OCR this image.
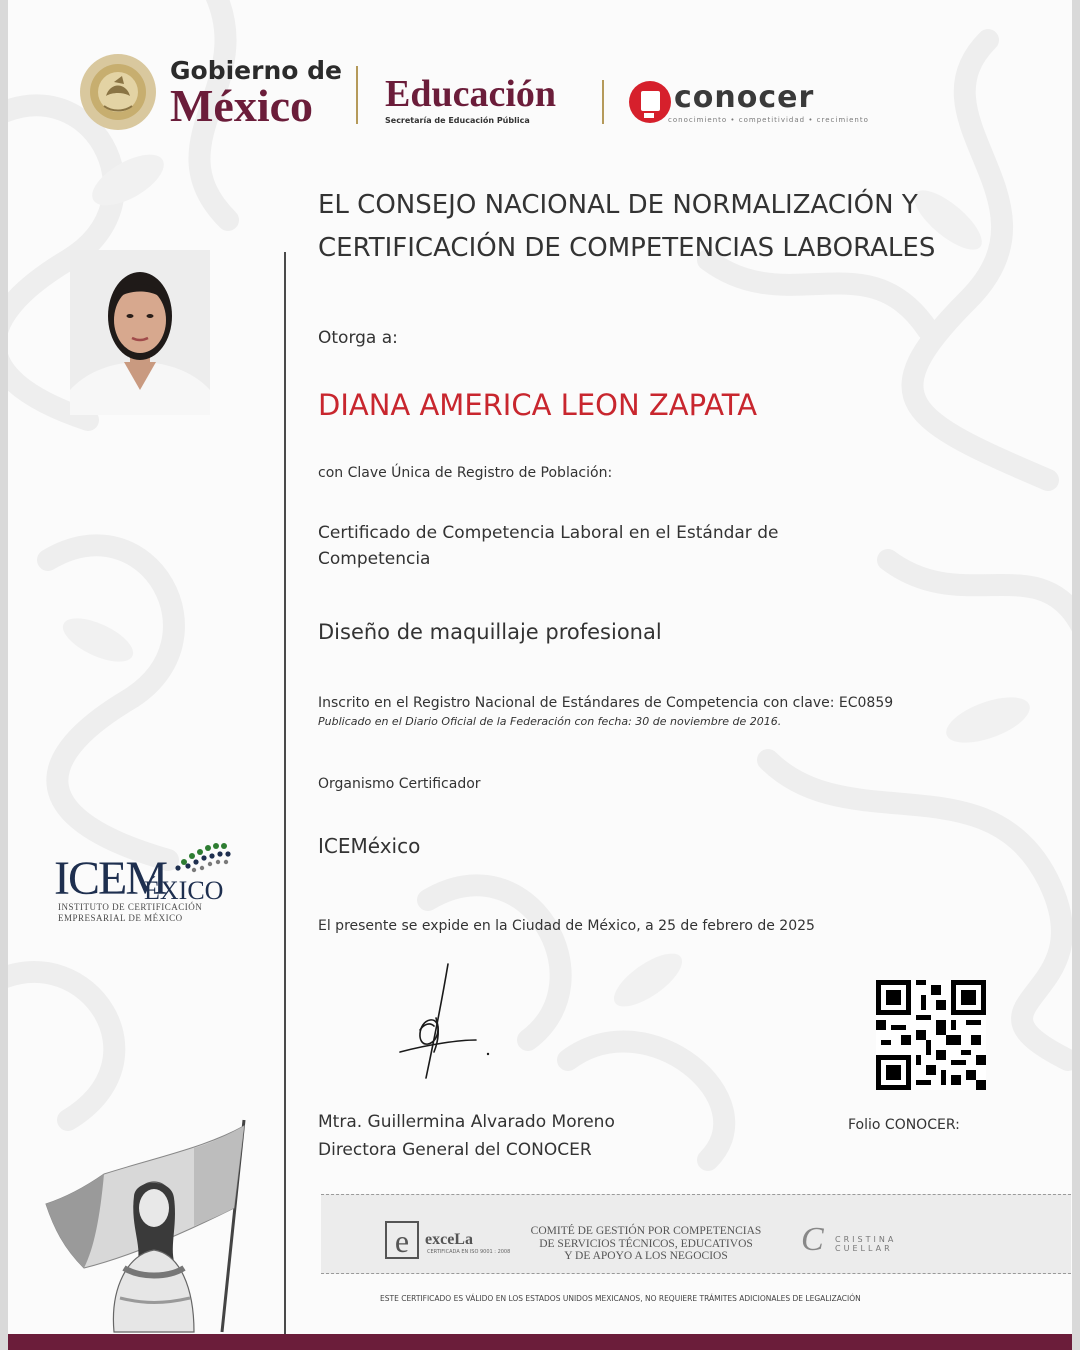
Gobierno de
México	Educación
Secretaría de Educación Pública
conocer
conocimiento • competitividad • crecimiento
EL CONSEJO NACIONAL DE NORMALIZACIÓN Y
CERTIFICACIÓN DE COMPETENCIAS LABORALES
Otorga a:
DIANA AMERICA LEON ZAPATA
con Clave Única de Registro de Población:
Certificado de Competencia Laboral en el Estándar de Competencia
Diseño de maquillaje profesional
Inscrito en el Registro Nacional de Estándares de Competencia con clave: EC0859
Publicado en el Diario Oficial de la Federación con fecha: 30 de noviembre de 2016.
Organismo Certificador
ICEMéxico
El presente se expide en la Ciudad de México, a 25 de febrero de 2025
Mtra. Guillermina Alvarado Moreno
Directora General del CONOCER
Folio CONOCER:
ICEM
ÉXICO
INSTITUTO DE CERTIFICACIÓN
EMPRESARIAL DE MÉXICO
e exceLa
CERTIFICADA EN ISO 9001 : 2008
COMITÉ DE GESTIÓN POR COMPETENCIAS
DE SERVICIOS TÉCNICOS, EDUCATIVOS
Y DE APOYO A LOS NEGOCIOS	C CRISTINA
CUELLAR
ESTE CERTIFICADO ES VÁLIDO EN LOS ESTADOS UNIDOS MEXICANOS, NO REQUIERE TRÁMITES ADICIONALES DE LEGALIZACIÓN
